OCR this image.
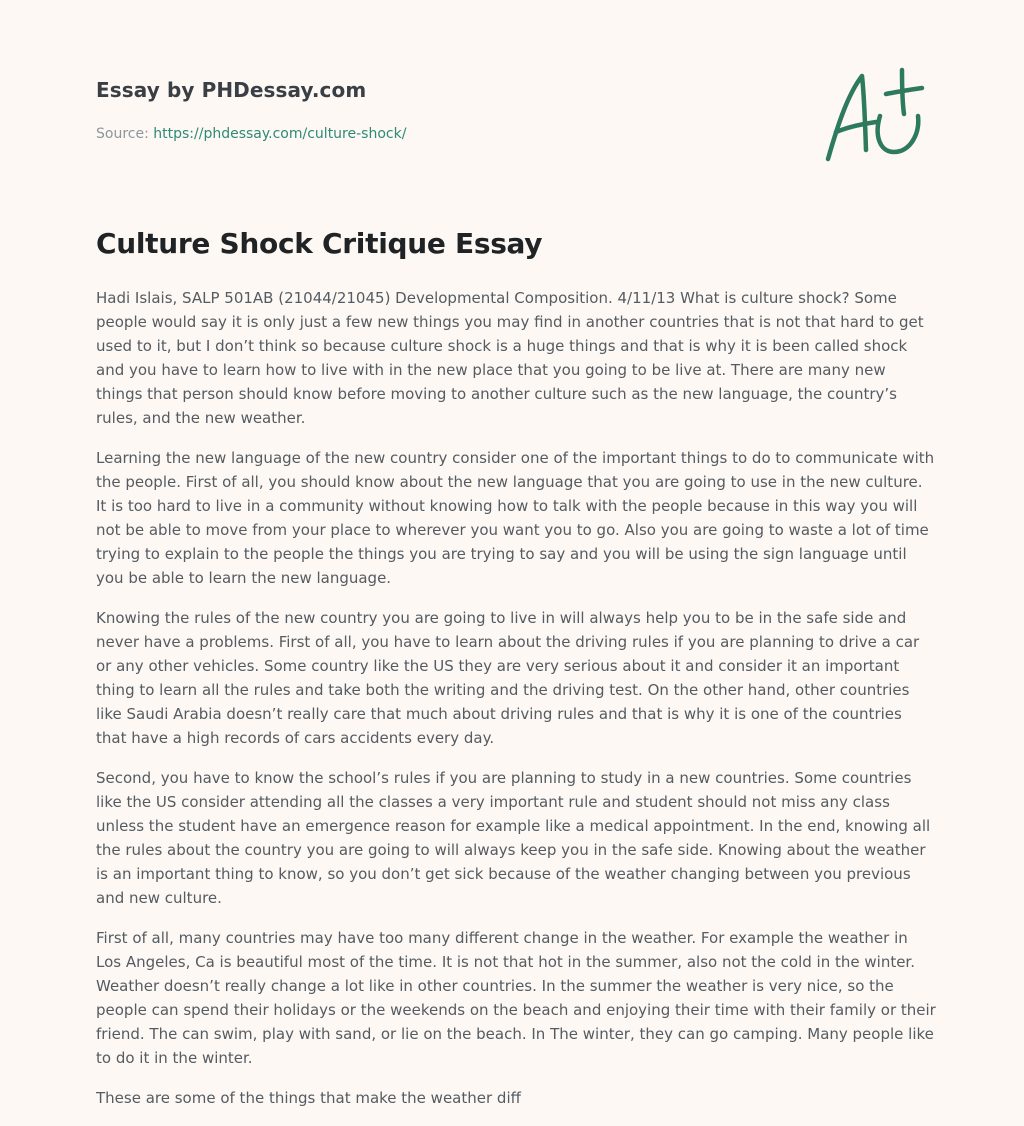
Essay by PHDessay.com
Source: https://phdessay.com/culture-shock/
Culture Shock Critique Essay

Hadi Islais, SALP 501AB (21044/21045) Developmental Composition. 4/11/13 What is culture shock? Some people would say it is only just a few new things you may find in another countries that is not that hard to get used to it, but I don’t think so because culture shock is a huge things and that is why it is been called shock and you have to learn how to live with in the new place that you going to be live at. There are many new things that person should know before moving to another culture such as the new language, the country’s rules, and the new weather.

Learning the new language of the new country consider one of the important things to do to communicate with the people. First of all, you should know about the new language that you are going to use in the new culture. It is too hard to live in a community without knowing how to talk with the people because in this way you will not be able to move from your place to wherever you want you to go. Also you are going to waste a lot of time trying to explain to the people the things you are trying to say and you will be using the sign language until you be able to learn the new language.

Knowing the rules of the new country you are going to live in will always help you to be in the safe side and never have a problems. First of all, you have to learn about the driving rules if you are planning to drive a car or any other vehicles. Some country like the US they are very serious about it and consider it an important thing to learn all the rules and take both the writing and the driving test. On the other hand, other countries like Saudi Arabia doesn’t really care that much about driving rules and that is why it is one of the countries that have a high records of cars accidents every day.

Second, you have to know the school’s rules if you are planning to study in a new countries. Some countries like the US consider attending all the classes a very important rule and student should not miss any class unless the student have an emergence reason for example like a medical appointment. In the end, knowing all the rules about the country you are going to will always keep you in the safe side. Knowing about the weather is an important thing to know, so you don’t get sick because of the weather changing between you previous and new culture.

First of all, many countries may have too many different change in the weather. For example the weather in Los Angeles, Ca is beautiful most of the time. It is not that hot in the summer, also not the cold in the winter. Weather doesn’t really change a lot like in other countries. In the summer the weather is very nice, so the people can spend their holidays or the weekends on the beach and enjoying their time with their family or their friend. The can swim, play with sand, or lie on the beach. In The winter, they can go camping. Many people like to do it in the winter.

These are some of the things that make the weather diff
